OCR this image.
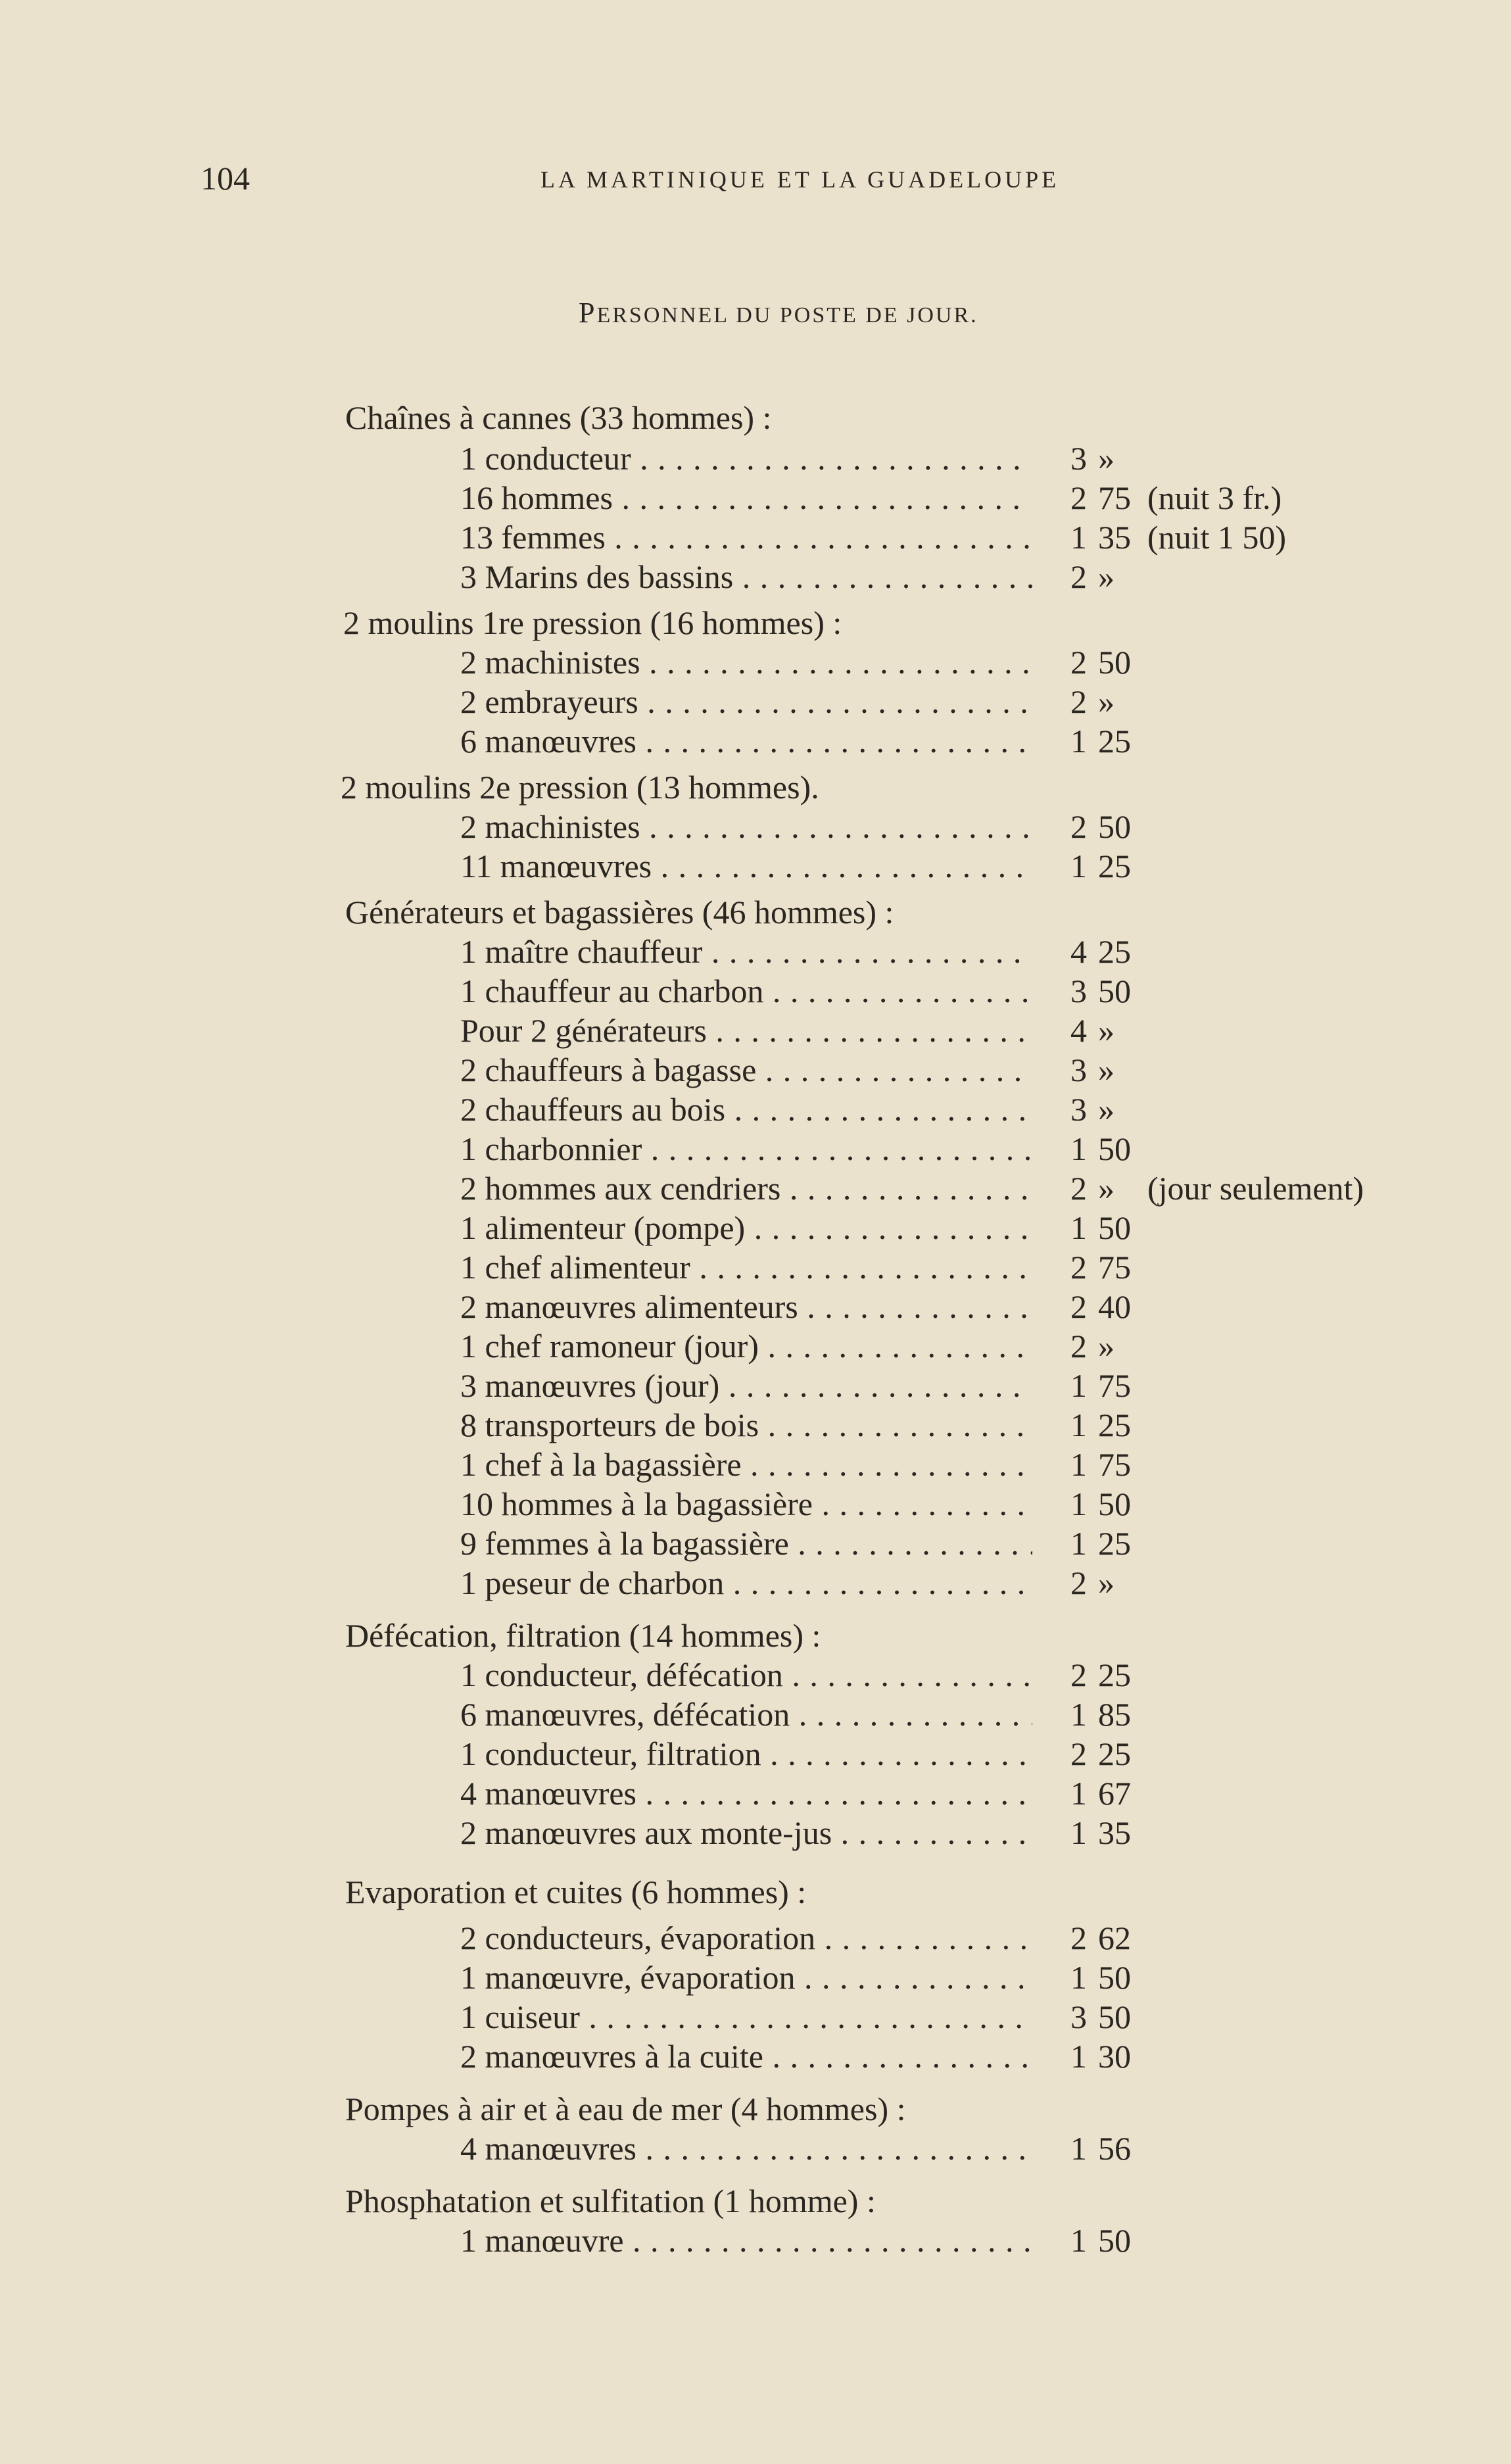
104	LA MARTINIQUE ET LA GUADELOUPE
PERSONNEL DU POSTE DE JOUR.
Chaînes à cannes (33 hommes) :
1 conducteur . . .	3 »
16 hommes . . .	2 75 (nuit 3 fr.)
13 femmes . . .	1 35 (nuit 1 50)
3 Marins des bassins . . .	2 »
2 moulins 1re pression (16 hommes) :
2 machinistes . . .	2 50
2 embrayeurs . . .	2 »
6 manœuvres . . .	1 25
2 moulins 2e pression (13 hommes).
2 machinistes . . .	2 50
11 manœuvres . . .	1 25
Générateurs et bagassières (46 hommes) :
1 maître chauffeur . . .	4 25
1 chauffeur au charbon . . .	3 50
Pour 2 générateurs . . .	4 »
2 chauffeurs à bagasse . . .	3 »
2 chauffeurs au bois . . .	3 »
1 charbonnier . . .	1 50
2 hommes aux cendriers . . .	2 » (jour seulement)
1 alimenteur (pompe) . . .	1 50
1 chef alimenteur . . .	2 75
2 manœuvres alimenteurs . . .	2 40
1 chef ramoneur (jour) . . .	2 »
3 manœuvres (jour) . . .	1 75
8 transporteurs de bois . . .	1 25
1 chef à la bagassière . . .	1 75
10 hommes à la bagassière . . .	1 50
9 femmes à la bagassière . . .	1 25
1 peseur de charbon . . .	2 »
Défécation, filtration (14 hommes) :
1 conducteur, défécation . . .	2 25
6 manœuvres, défécation . . .	1 85
1 conducteur, filtration . . .	2 25
4 manœuvres . . .	1 67
2 manœuvres aux monte-jus . . .	1 35
Evaporation et cuites (6 hommes) :
2 conducteurs, évaporation . . .	2 62
1 manœuvre, évaporation . . .	1 50
1 cuiseur . . .	3 50
2 manœuvres à la cuite . . .	1 30
Pompes à air et à eau de mer (4 hommes) :
4 manœuvres . . .	1 56
Phosphatation et sulfitation (1 homme) :
1 manœuvre . . .	1 50
